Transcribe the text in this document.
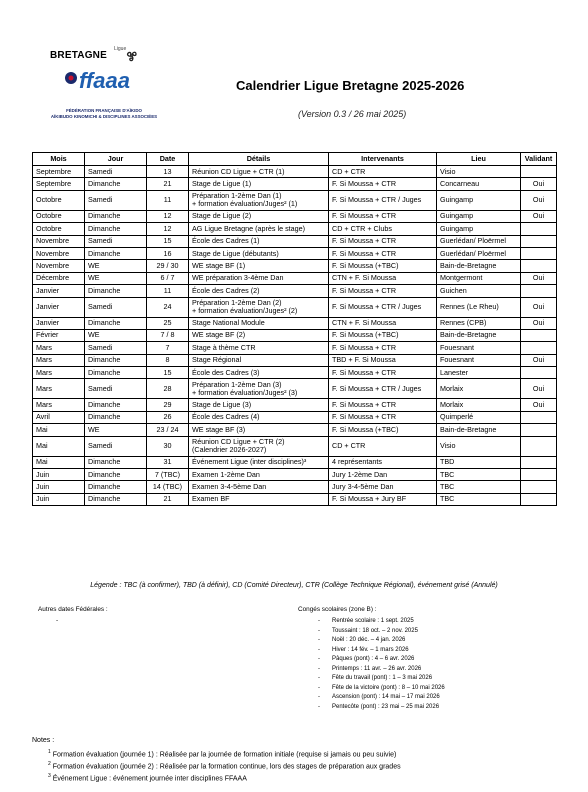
Ligue
BRETAGNE
ffaaa
FÉDÉRATION FRANÇAISE D'AÏKIDO
AÏKIBUDO KINOMICHI & DISCIPLINES ASSOCIÉES
Calendrier Ligue Bretagne 2025-2026
(Version 0.3 / 26 mai 2025)
Mois	Jour	Date	Détails	Intervenants	Lieu	Validant
Septembre	Samedi	13	Réunion CD Ligue + CTR (1)	CD + CTR	Visio	
Septembre	Dimanche	21	Stage de Ligue (1)	F. Si Moussa + CTR	Concarneau	Oui
Octobre	Samedi	11	Préparation 1-2ème Dan (1)
+ formation évaluation/Juges² (1)	F. Si Moussa + CTR / Juges	Guingamp	Oui
Octobre	Dimanche	12	Stage de Ligue (2)	F. Si Moussa + CTR	Guingamp	Oui
Octobre	Dimanche	12	AG Ligue Bretagne (après le stage)	CD + CTR + Clubs	Guingamp	
Novembre	Samedi	15	École des Cadres (1)	F. Si Moussa + CTR	Guerlédan/ Ploërmel	
Novembre	Dimanche	16	Stage de Ligue (débutants)	F. Si Moussa + CTR	Guerlédan/ Ploërmel	
Novembre	WE	29 / 30	WE stage BF (1)	F. Si Moussa (+TBC)	Bain-de-Bretagne	
Décembre	WE	6 / 7	WE préparation 3-4ème Dan	CTN + F. Si Moussa	Montgermont	Oui
Janvier	Dimanche	11	École des Cadres (2)	F. Si Moussa + CTR	Guichen	
Janvier	Samedi	24	Préparation 1-2ème Dan (2)
+ formation évaluation/Juges² (2)	F. Si Moussa + CTR / Juges	Rennes (Le Rheu)	Oui
Janvier	Dimanche	25	Stage National Module	CTN + F. Si Moussa	Rennes (CPB)	Oui
Février	WE	7 / 8	WE stage BF (2)	F. Si Moussa (+TBC)	Bain-de-Bretagne	
Mars	Samedi	7	Stage à thème CTR	F. Si Moussa + CTR	Fouesnant	
Mars	Dimanche	8	Stage Régional	TBD + F. Si Moussa	Fouesnant	Oui
Mars	Dimanche	15	École des Cadres (3)	F. Si Moussa + CTR	Lanester	
Mars	Samedi	28	Préparation 1-2ème Dan (3)
+ formation évaluation/Juges² (3)	F. Si Moussa + CTR / Juges	Morlaix	Oui
Mars	Dimanche	29	Stage de Ligue (3)	F. Si Moussa + CTR	Morlaix	Oui
Avril	Dimanche	26	École des Cadres (4)	F. Si Moussa + CTR	Quimperlé	
Mai	WE	23 / 24	WE stage BF (3)	F. Si Moussa (+TBC)	Bain-de-Bretagne	
Mai	Samedi	30	Réunion CD Ligue + CTR (2)
(Calendrier 2026-2027)	CD + CTR	Visio	
Mai	Dimanche	31	Événement Ligue (inter disciplines)³	4 représentants	TBD	
Juin	Dimanche	7 (TBC)	Examen 1-2ème Dan	Jury 1-2ème Dan	TBC	
Juin	Dimanche	14 (TBC)	Examen 3-4-5ème Dan	Jury 3-4-5ème Dan	TBC	
Juin	Dimanche	21	Examen BF	F. Si Moussa + Jury BF	TBC	
Légende : TBC (à confirmer), TBD (à définir), CD (Comité Directeur), CTR (Collège Technique Régional), événement grisé (Annulé)
Autres dates Fédérales :
-
Congés scolaires (zone B) :
- Rentrée scolaire : 1 sept. 2025
- Toussaint : 18 oct. – 2 nov. 2025
- Noël : 20 déc. – 4 jan. 2026
- Hiver : 14 fév. – 1 mars 2026
- Pâques (pont) : 4 – 6 avr. 2026
- Printemps : 11 avr. – 26 avr. 2026
- Fête du travail (pont) : 1 – 3 mai 2026
- Fête de la victoire (pont) : 8 – 10 mai 2026
- Ascension (pont) : 14 mai – 17 mai 2026
- Pentecôte (pont) : 23 mai – 25 mai 2026
Notes :
$^1$ Formation évaluation (journée 1) : Réalisée par la journée de formation initiale (requise si jamais ou peu suivie)
$^2$ Formation évaluation (journée 2) : Réalisée par la formation continue, lors des stages de préparation aux grades
$^3$ Événement Ligue : événement journée inter disciplines FFAAA
